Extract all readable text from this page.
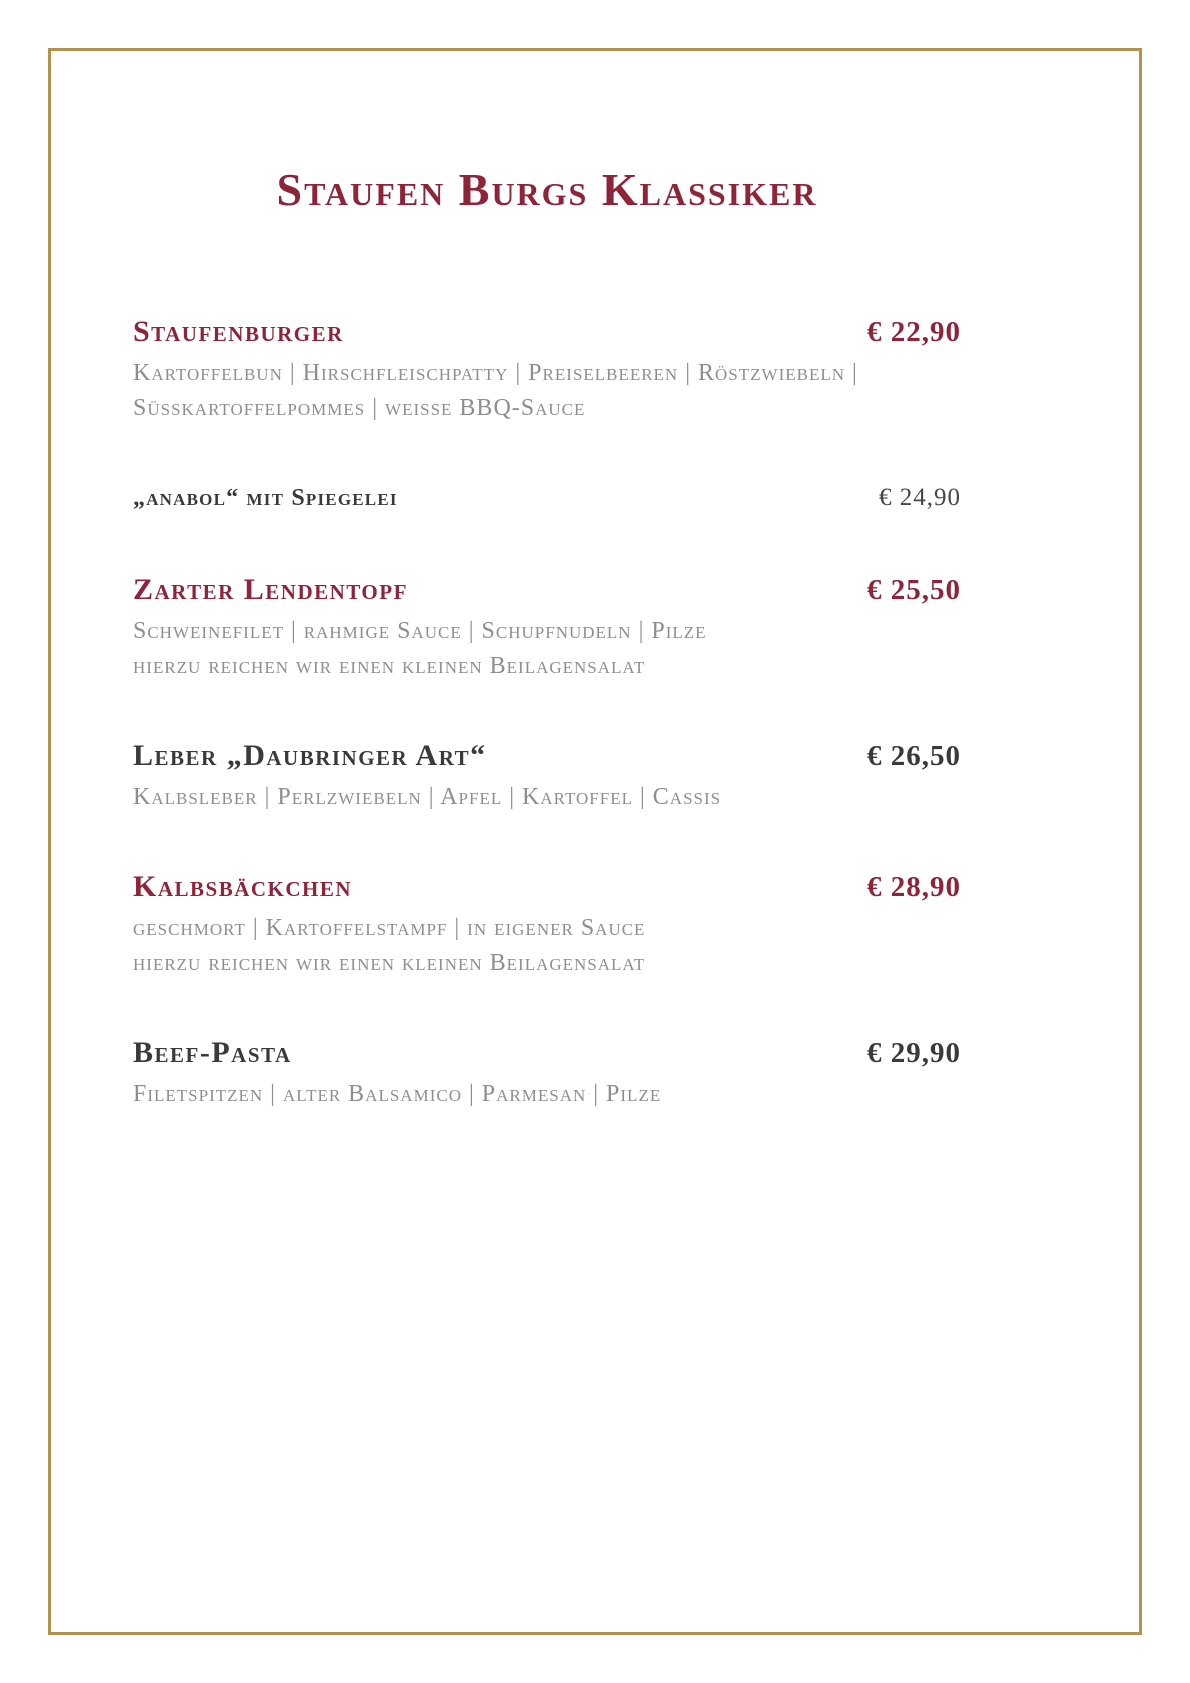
Staufen Burgs Klassiker
Staufenburger	€ 22,90
Kartoffelbun | Hirschfleischpatty | Preiselbeeren | Röstzwiebeln |
Süsskartoffelpommes | weisse BBQ-Sauce
„anabol“ mit Spiegelei	€ 24,90
Zarter Lendentopf	€ 25,50
Schweinefilet | rahmige Sauce | Schupfnudeln | Pilze
hierzu reichen wir einen kleinen Beilagensalat
Leber „Daubringer Art“	€ 26,50
Kalbsleber | Perlzwiebeln | Apfel | Kartoffel | Cassis
Kalbsbäckchen	€ 28,90
geschmort | Kartoffelstampf | in eigener Sauce
hierzu reichen wir einen kleinen Beilagensalat
Beef-Pasta	€ 29,90
Filetspitzen | alter Balsamico | Parmesan | Pilze
